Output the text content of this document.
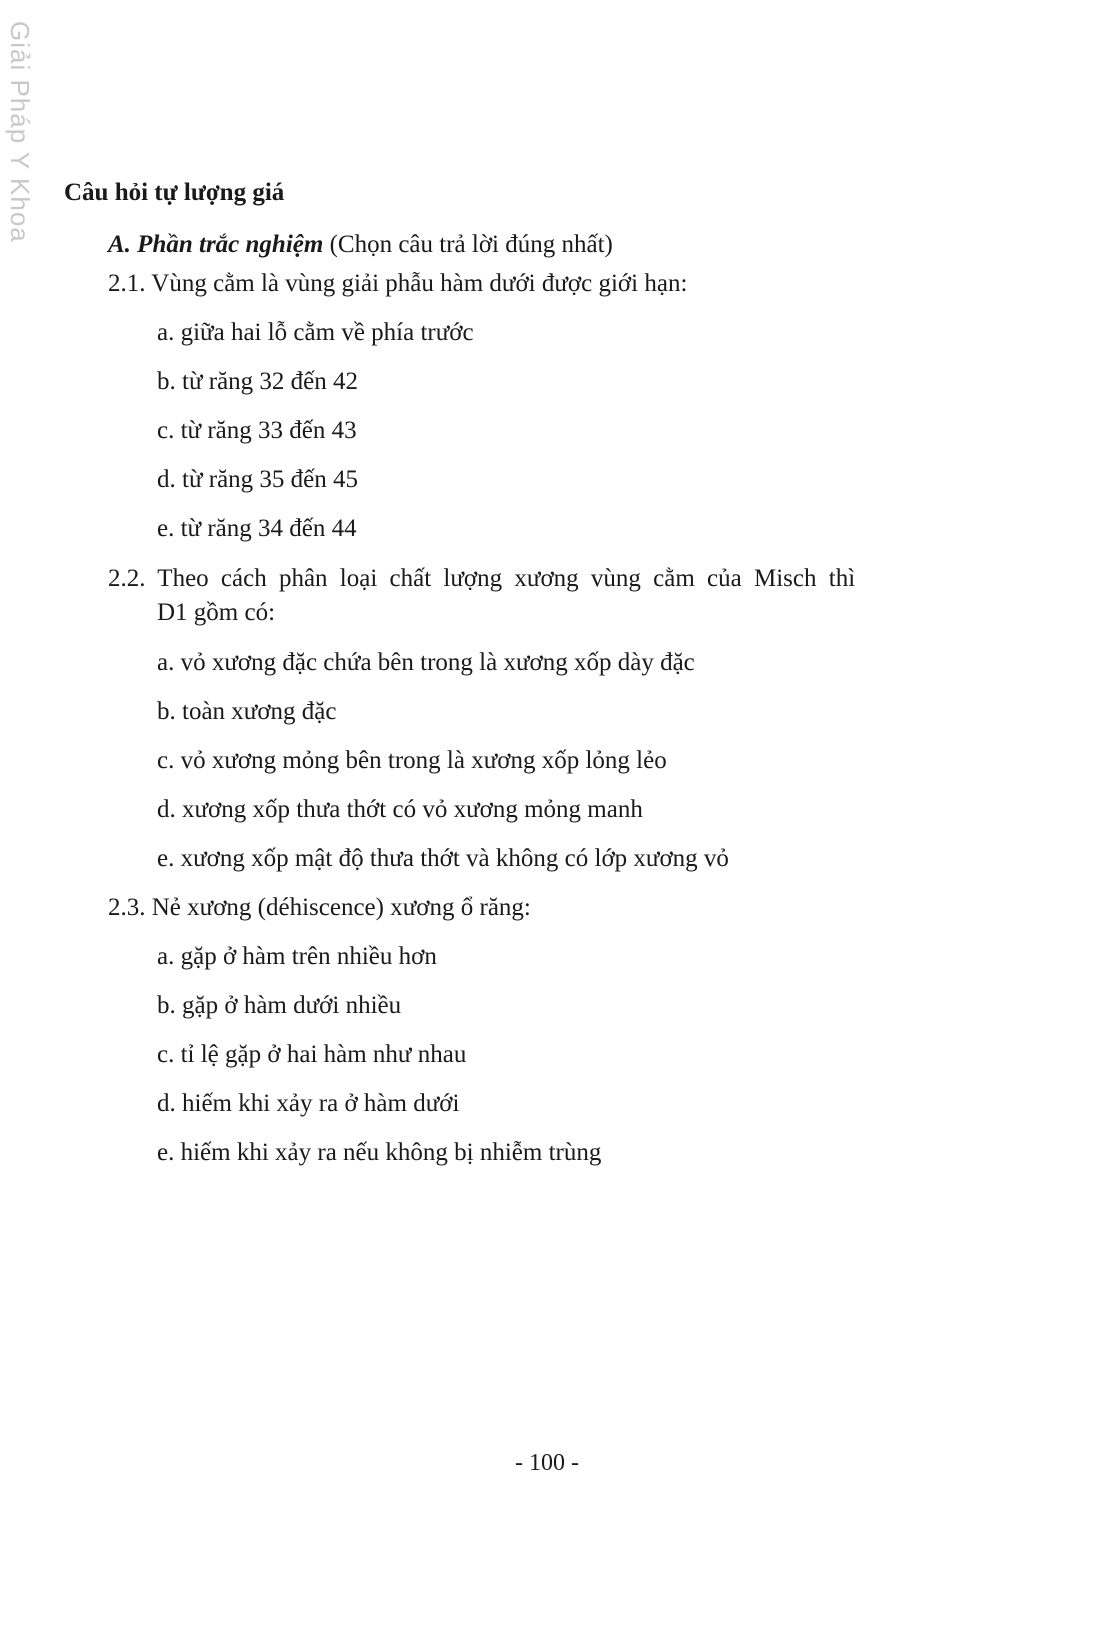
Giải Pháp Y Khoa Câu hỏi tự lượng giá
A. Phần trắc nghiệm (Chọn câu trả lời đúng nhất)
2.1. Vùng cằm là vùng giải phẫu hàm dưới được giới hạn:
a. giữa hai lỗ cằm về phía trước
b. từ răng 32 đến 42
c. từ răng 33 đến 43
d. từ răng 35 đến 45
e. từ răng 34 đến 44
2.2. Theo cách phân loại chất lượng xương vùng cằm của Misch thì
D1 gồm có:
a. vỏ xương đặc chứa bên trong là xương xốp dày đặc
b. toàn xương đặc
c. vỏ xương mỏng bên trong là xương xốp lỏng lẻo
d. xương xốp thưa thớt có vỏ xương mỏng manh
e. xương xốp mật độ thưa thớt và không có lớp xương vỏ
2.3. Nẻ xương (déhiscence) xương ổ răng:
a. gặp ở hàm trên nhiều hơn
b. gặp ở hàm dưới nhiều
c. tỉ lệ gặp ở hai hàm như nhau
d. hiếm khi xảy ra ở hàm dưới
e. hiếm khi xảy ra nếu không bị nhiễm trùng
- 100 -
